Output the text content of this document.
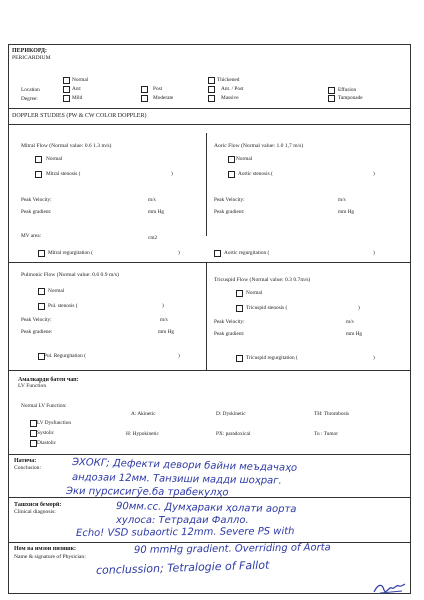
ПЕРИКОРД:
PERICARDIUM
Normal	Thickened
Location	Ant:	Post	Ant. / Post	Effusion
Degree:	Mild	Moderate	Massive	Tamponade
DOPPLER STUDIES (PW & CW COLOR DOPPLER)
Mitral Flow (Normal value: 0.6 1.3 m/s)
Normal
Mitral stenosis (	)
Peak Velocity:	m/s
Peak gradient:	mm Hg
MV area:	cm2
Mitral regurgitation (	)
Aoric Flow (Normal value: 1.0 1,7 m/s)
Normal
Aortic stenosis (	)
Peak Velocity:	m/s
Peak gradient:	mm Hg
Aortic regurgitation (	)
Pulmonic Flow (Normal value: 0.6 0.9 m/s)
Normal
Pul. stenosis (	)
Peak Velocity:	m/s
Peak gradiene:	mm Hg
Pul. Regurgitation (	)
Tricuspid Flow (Normal value: 0.3 0.7m/s)
Normal
Tricuspid stenosis (	)
Peak Velocity:	m/s
Peak gradient:	mm Hg
Tricuspid regurgitation (	)
Амалкарди батен чап:
LV Function
Normal LV Function:
A: Akinetic	D: Dyskinetic	TH: Thrombosis
LV Dysfunction
Systolic	H: Hypokinetic	PX: paradoxical	Tu : Tumor
Diastolic
Натича:
Conclusion:	ЭХОКГ; Дефекти девори байни меъдачаҳо
андозаи 12мм. Танзиши мадди шоҳраг.
Эки пурсисигӯе.ба трабекулҳо
Ташхиси беморӣ:
Clinical diagnosis:	90мм.сс. Думҳараки ҳолати аорта
хулоса: Тетрадаи Фалло.
Echo! VSD subaortic 12mm. Severe PS with
Ном ва имзои пизишк:
Name & signature of Physician:
90 mmHg gradient. Overriding of Aorta
conclussion; Tetralogie of Fallot
